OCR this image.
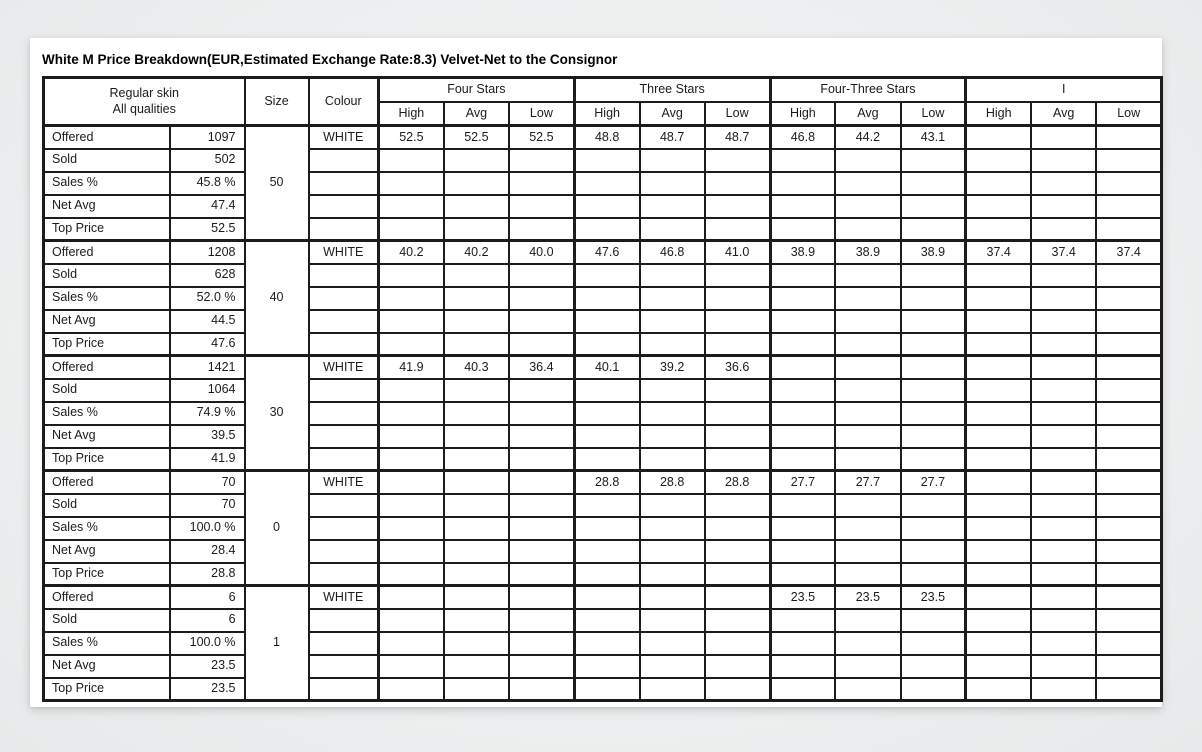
White M Price Breakdown(EUR,Estimated Exchange Rate:8.3) Velvet-Net to the Consignor
Regular skin
All qualities		Size	Colour	Four Stars			Three Stars			Four-Three Stars			I		
				High	Avg	Low	High	Avg	Low	High	Avg	Low	High	Avg	Low
Offered	1097	50	WHITE	52.5	52.5	52.5	48.8	48.7	48.7	46.8	44.2	43.1			
Sold	502														
Sales %	45.8 %														
Net Avg	47.4														
Top Price	52.5														
Offered	1208	40	WHITE	40.2	40.2	40.0	47.6	46.8	41.0	38.9	38.9	38.9	37.4	37.4	37.4
Sold	628														
Sales %	52.0 %														
Net Avg	44.5														
Top Price	47.6														
Offered	1421	30	WHITE	41.9	40.3	36.4	40.1	39.2	36.6						
Sold	1064														
Sales %	74.9 %														
Net Avg	39.5														
Top Price	41.9														
Offered	70	0	WHITE				28.8	28.8	28.8	27.7	27.7	27.7			
Sold	70														
Sales %	100.0 %														
Net Avg	28.4														
Top Price	28.8														
Offered	6	1	WHITE							23.5	23.5	23.5			
Sold	6														
Sales %	100.0 %														
Net Avg	23.5														
Top Price	23.5														
